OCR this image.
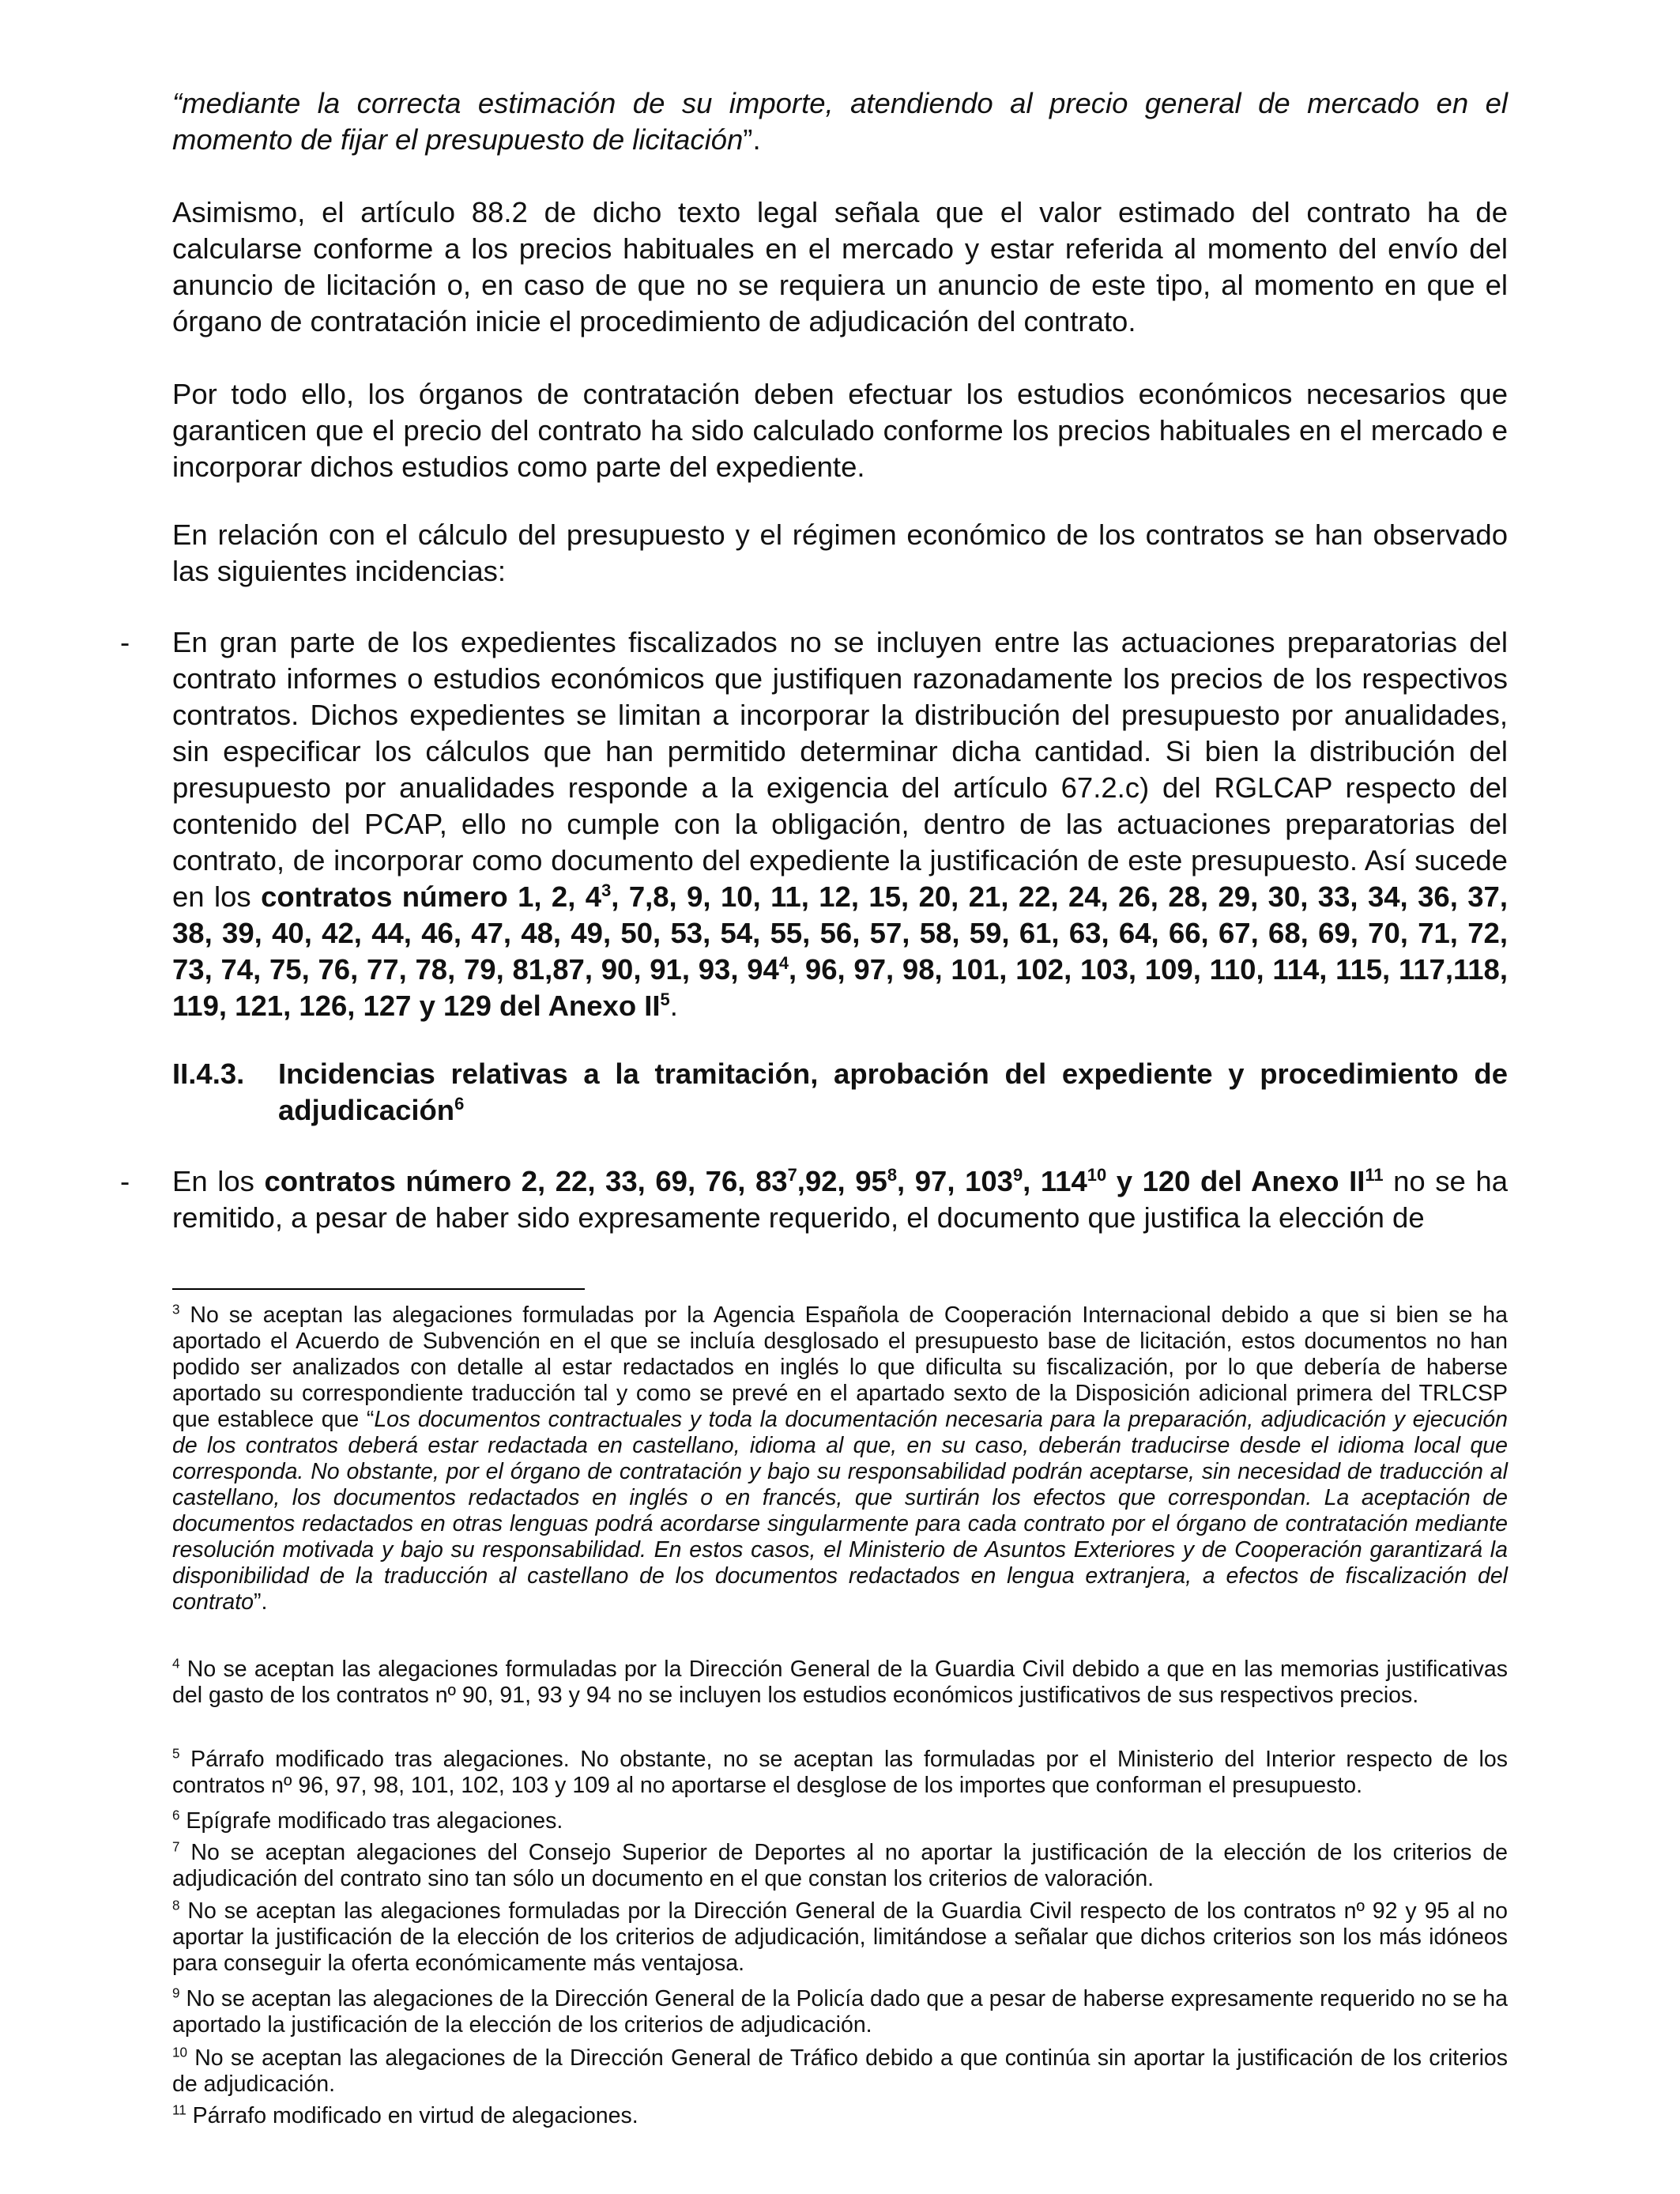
“mediante la correcta estimación de su importe, atendiendo al precio general de mercado en el momento de fijar el presupuesto de licitación”.

Asimismo, el artículo 88.2 de dicho texto legal señala que el valor estimado del contrato ha de calcularse conforme a los precios habituales en el mercado y estar referida al momento del envío del anuncio de licitación o, en caso de que no se requiera un anuncio de este tipo, al momento en que el órgano de contratación inicie el procedimiento de adjudicación del contrato.

Por todo ello, los órganos de contratación deben efectuar los estudios económicos necesarios que garanticen que el precio del contrato ha sido calculado conforme los precios habituales en el mercado e incorporar dichos estudios como parte del expediente.

En relación con el cálculo del presupuesto y el régimen económico de los contratos se han observado las siguientes incidencias:

- En gran parte de los expedientes fiscalizados no se incluyen entre las actuaciones preparatorias del contrato informes o estudios económicos que justifiquen razonadamente los precios de los respectivos contratos. Dichos expedientes se limitan a incorporar la distribución del presupuesto por anualidades, sin especificar los cálculos que han permitido determinar dicha cantidad. Si bien la distribución del presupuesto por anualidades responde a la exigencia del artículo 67.2.c) del RGLCAP respecto del contenido del PCAP, ello no cumple con la obligación, dentro de las actuaciones preparatorias del contrato, de incorporar como documento del expediente la justificación de este presupuesto. Así sucede en los contratos número 1, 2, $4^3$, 7,8, 9, 10, 11, 12, 15, 20, 21, 22, 24, 26, 28, 29, 30, 33, 34, 36, 37, 38, 39, 40, 42, 44, 46, 47, 48, 49, 50, 53, 54, 55, 56, 57, 58, 59, 61, 63, 64, 66, 67, 68, 69, 70, 71, 72, 73, 74, 75, 76, 77, 78, 79, 81,87, 90, 91, 93, $94^4$, 96, 97, 98, 101, 102, 103, 109, 110, 114, 115, 117,118, 119, 121, 126, 127 y 129 del Anexo $II^5$.
II.4.3. Incidencias relativas a la tramitación, aprobación del expediente y procedimiento de adjudicación$^6$
- En los contratos número 2, 22, 33, 69, 76, $83^7,92$, $95^8$, 97, $103^9$, $114^{10}$ y 120 del Anexo II$^{11}$ no se ha remitido, a pesar de haber sido expresamente requerido, el documento que justifica la elección de
$^3$ No se aceptan las alegaciones formuladas por la Agencia Española de Cooperación Internacional debido a que si bien se ha aportado el Acuerdo de Subvención en el que se incluía desglosado el presupuesto base de licitación, estos documentos no han podido ser analizados con detalle al estar redactados en inglés lo que dificulta su fiscalización, por lo que debería de haberse aportado su correspondiente traducción tal y como se prevé en el apartado sexto de la Disposición adicional primera del TRLCSP que establece que “Los documentos contractuales y toda la documentación necesaria para la preparación, adjudicación y ejecución de los contratos deberá estar redactada en castellano, idioma al que, en su caso, deberán traducirse desde el idioma local que corresponda. No obstante, por el órgano de contratación y bajo su responsabilidad podrán aceptarse, sin necesidad de traducción al castellano, los documentos redactados en inglés o en francés, que surtirán los efectos que correspondan. La aceptación de documentos redactados en otras lenguas podrá acordarse singularmente para cada contrato por el órgano de contratación mediante resolución motivada y bajo su responsabilidad. En estos casos, el Ministerio de Asuntos Exteriores y de Cooperación garantizará la disponibilidad de la traducción al castellano de los documentos redactados en lengua extranjera, a efectos de fiscalización del contrato”.
$^4$ No se aceptan las alegaciones formuladas por la Dirección General de la Guardia Civil debido a que en las memorias justificativas del gasto de los contratos nº 90, 91, 93 y 94 no se incluyen los estudios económicos justificativos de sus respectivos precios.
$^5$ Párrafo modificado tras alegaciones. No obstante, no se aceptan las formuladas por el Ministerio del Interior respecto de los contratos nº 96, 97, 98, 101, 102, 103 y 109 al no aportarse el desglose de los importes que conforman el presupuesto.
$^6$ Epígrafe modificado tras alegaciones.
$^7$ No se aceptan alegaciones del Consejo Superior de Deportes al no aportar la justificación de la elección de los criterios de adjudicación del contrato sino tan sólo un documento en el que constan los criterios de valoración.
$^8$ No se aceptan las alegaciones formuladas por la Dirección General de la Guardia Civil respecto de los contratos nº 92 y 95 al no aportar la justificación de la elección de los criterios de adjudicación, limitándose a señalar que dichos criterios son los más idóneos para conseguir la oferta económicamente más ventajosa.
$^9$ No se aceptan las alegaciones de la Dirección General de la Policía dado que a pesar de haberse expresamente requerido no se ha aportado la justificación de la elección de los criterios de adjudicación.
$^{10}$ No se aceptan las alegaciones de la Dirección General de Tráfico debido a que continúa sin aportar la justificación de los criterios de adjudicación.
$^{11}$ Párrafo modificado en virtud de alegaciones.
